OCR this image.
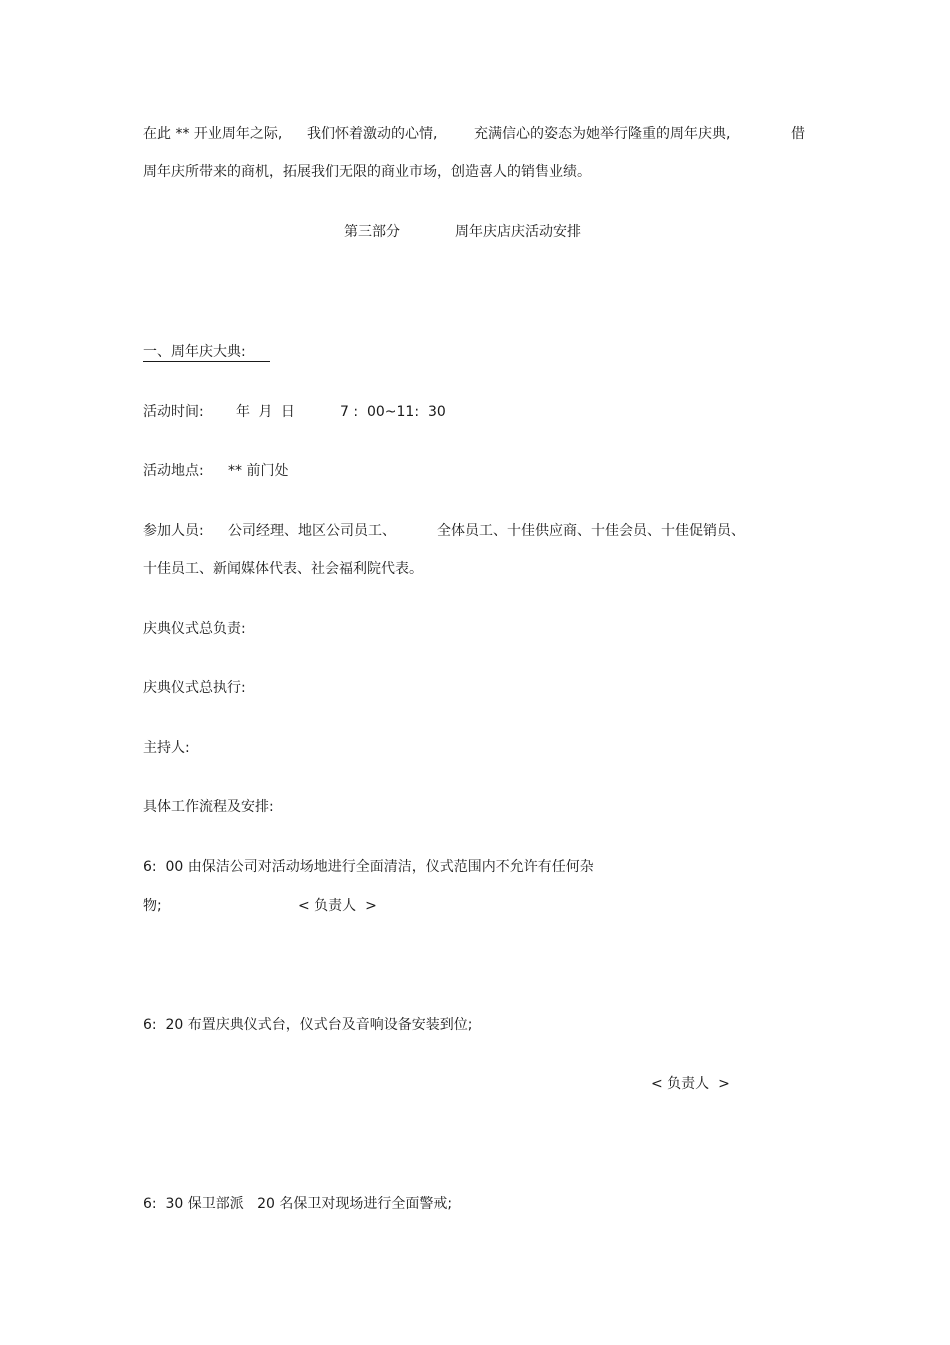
在此 ** 开业周年之际, 我们怀着激动的心情,	充满信心的姿态为她举行隆重的周年庆典,	借
周年庆所带来的商机，拓展我们无限的商业市场，创造喜人的销售业绩。
第三部分	周年庆店庆活动安排
一、周年庆大典:
活动时间: 年 月 日	7 :  00~11:  30
活动地点: ** 前门处
参加人员: 公司经理、地区公司员工、	全体员工、十佳供应商、十佳会员、十佳促销员、
十佳员工、新闻媒体代表、社会福利院代表。
庆典仪式总负责:
庆典仪式总执行:
主持人:
具体工作流程及安排:
6:  00 由保洁公司对活动场地进行全面清洁，仪式范围内不允许有任何杂
物;	< 负责人  >
6:  20 布置庆典仪式台，仪式台及音响设备安装到位;
< 负责人  >
6:  30 保卫部派   20 名保卫对现场进行全面警戒;
